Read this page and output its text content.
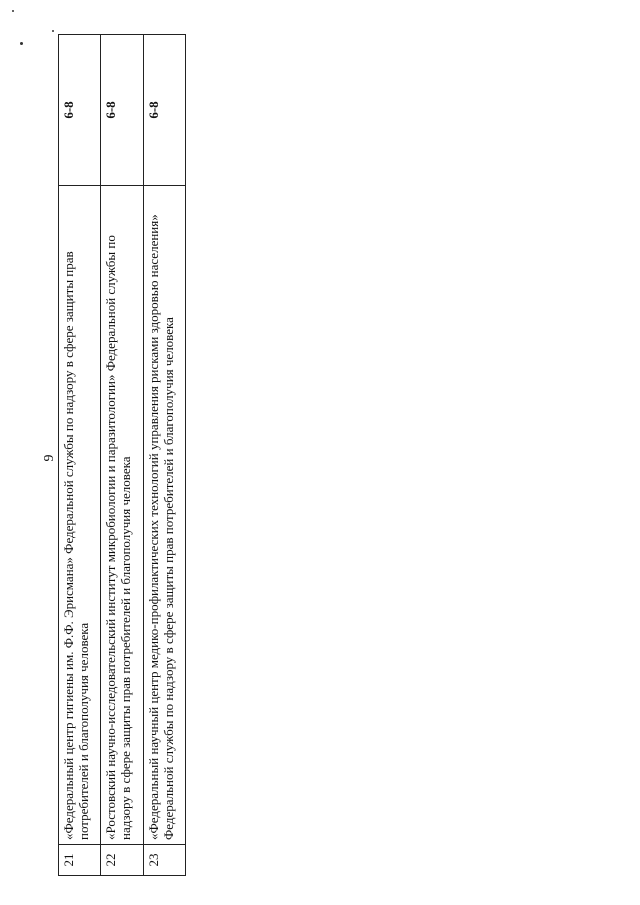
9
21	«Федеральный центр гигиены им. Ф.Ф. Эрисмана» Федеральной службы по надзору в сфере защиты прав потребителей и благополучия человека	6-8
22	«Ростовский научно-исследовательский институт микробиологии и паразитологии» Федеральной службы по надзору в сфере защиты прав потребителей и благополучия человека	6-8
23	«Федеральный научный центр медико-профилактических технологий управления рисками здоровью населения» Федеральной службы по надзору в сфере защиты прав потребителей и благополучия человека	6-8
